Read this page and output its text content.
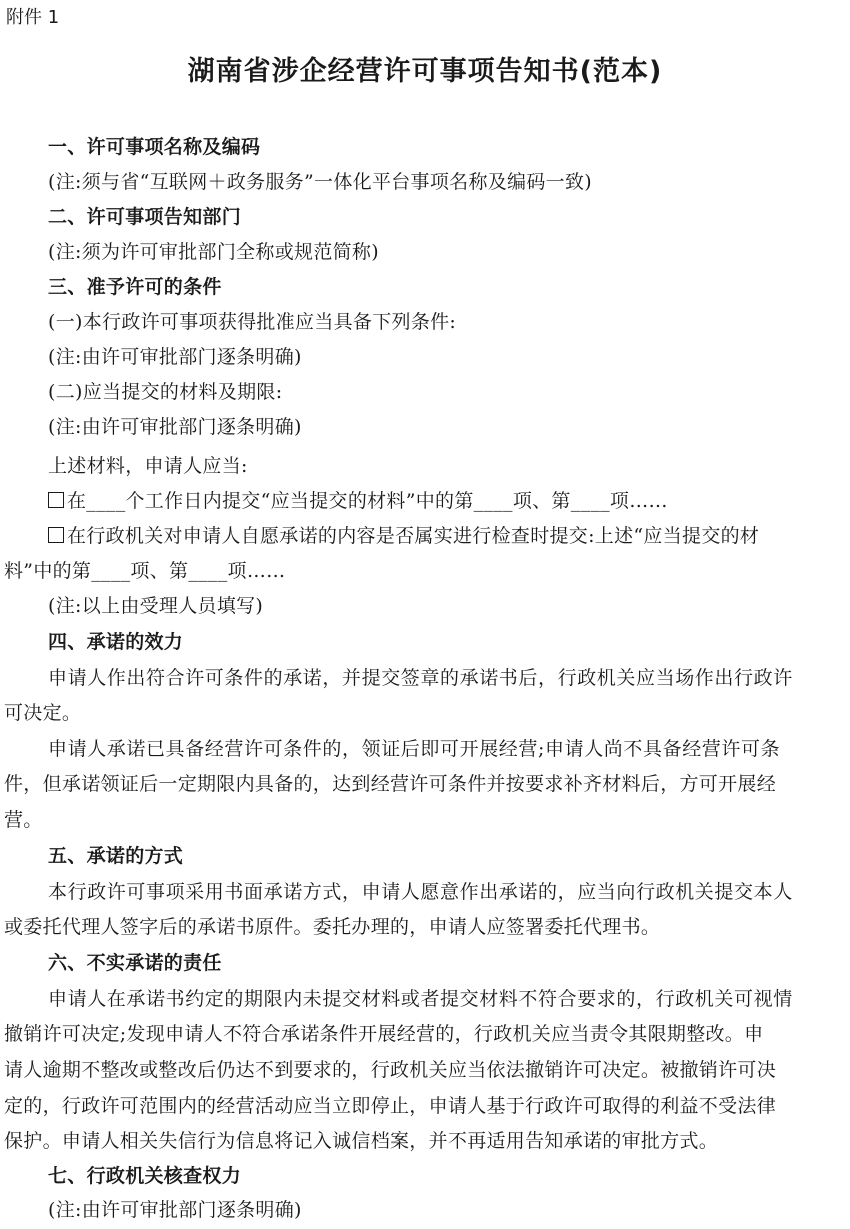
附件 1
湖南省涉企经营许可事项告知书(范本)
一、许可事项名称及编码
(注:须与省“互联网＋政务服务”一体化平台事项名称及编码一致)
二、许可事项告知部门
(注:须为许可审批部门全称或规范简称)
三、准予许可的条件
(一)本行政许可事项获得批准应当具备下列条件:
(注:由许可审批部门逐条明确)
(二)应当提交的材料及期限:
(注:由许可审批部门逐条明确)
上述材料，申请人应当:
在____个工作日内提交“应当提交的材料”中的第____项、第____项……
在行政机关对申请人自愿承诺的内容是否属实进行检查时提交:上述“应当提交的材
料”中的第____项、第____项……
(注:以上由受理人员填写)
四、承诺的效力
申请人作出符合许可条件的承诺，并提交签章的承诺书后，行政机关应当场作出行政许
可决定。
申请人承诺已具备经营许可条件的，领证后即可开展经营;申请人尚不具备经营许可条
件，但承诺领证后一定期限内具备的，达到经营许可条件并按要求补齐材料后，方可开展经
营。
五、承诺的方式
本行政许可事项采用书面承诺方式，申请人愿意作出承诺的，应当向行政机关提交本人
或委托代理人签字后的承诺书原件。委托办理的，申请人应签署委托代理书。
六、不实承诺的责任
申请人在承诺书约定的期限内未提交材料或者提交材料不符合要求的，行政机关可视情
撤销许可决定;发现申请人不符合承诺条件开展经营的，行政机关应当责令其限期整改。申
请人逾期不整改或整改后仍达不到要求的，行政机关应当依法撤销许可决定。被撤销许可决
定的，行政许可范围内的经营活动应当立即停止，申请人基于行政许可取得的利益不受法律
保护。申请人相关失信行为信息将记入诚信档案，并不再适用告知承诺的审批方式。
七、行政机关核查权力
(注:由许可审批部门逐条明确)
